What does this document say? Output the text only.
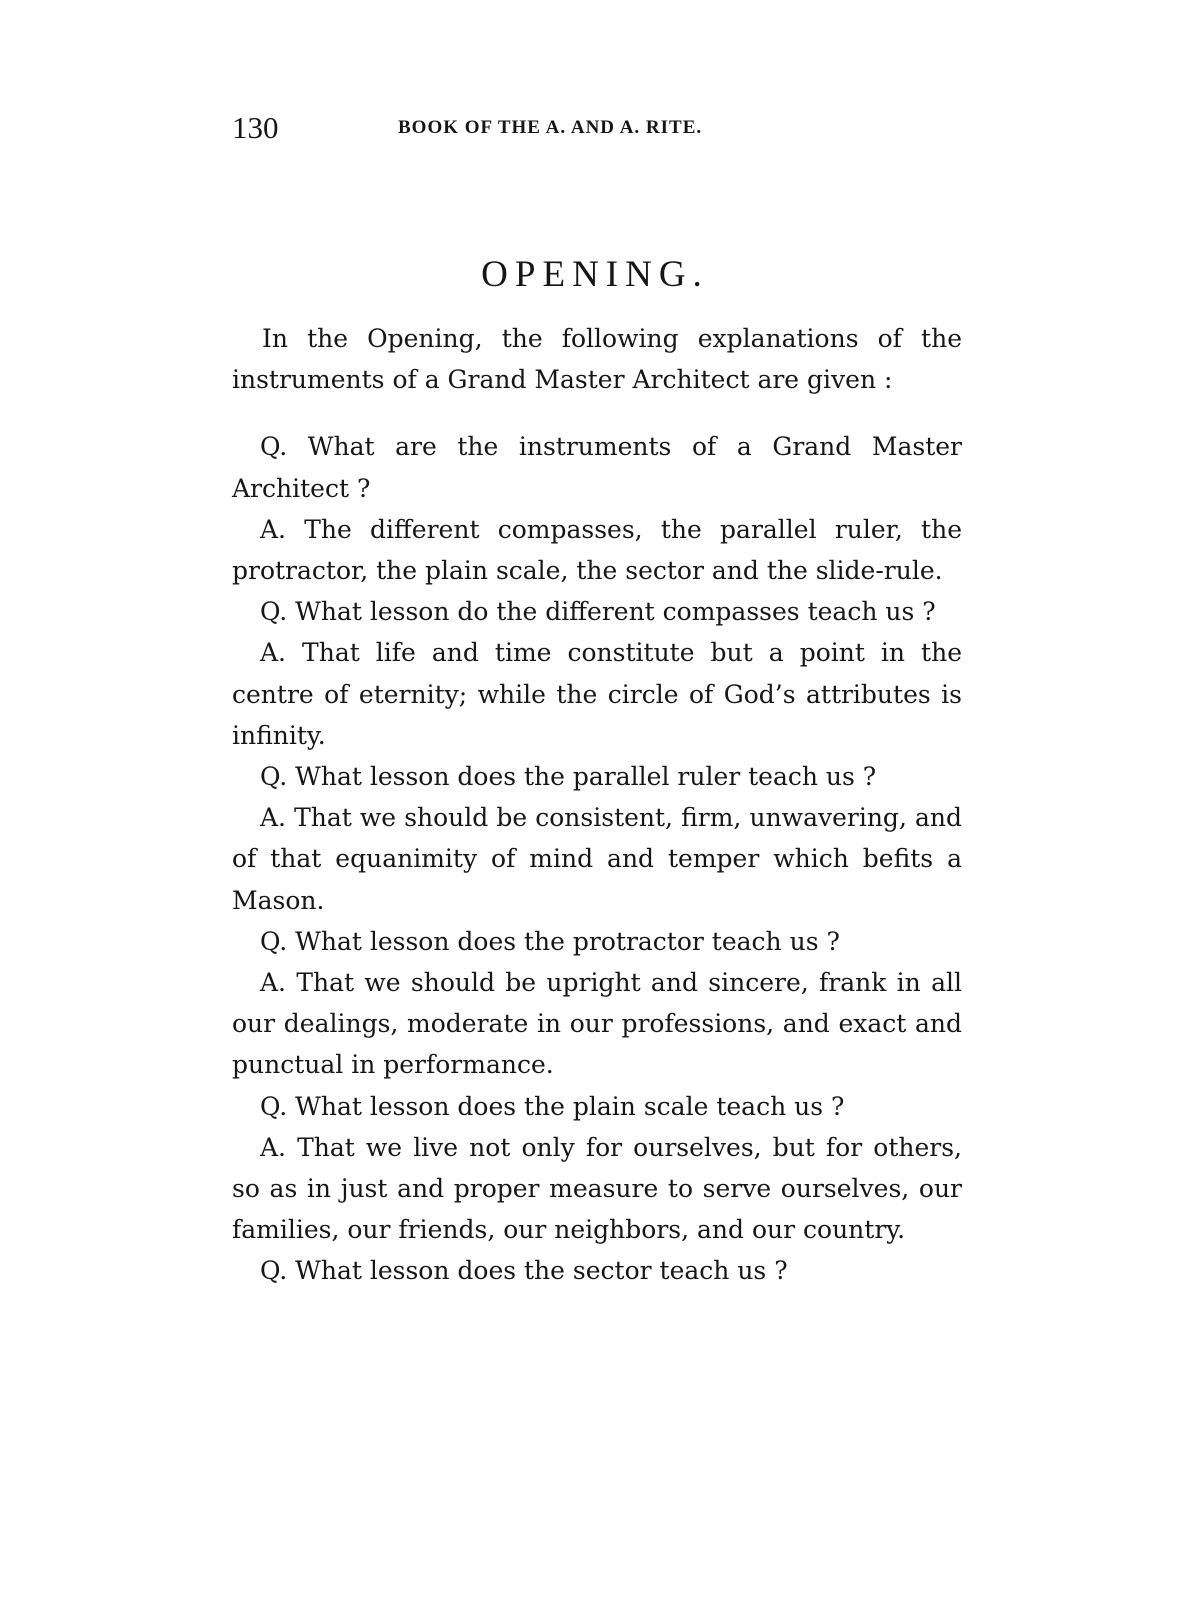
130	BOOK OF THE A. AND A. RITE.
OPENING.

In the Opening, the following explanations of the instruments of a Grand Master Architect are given :

Q. What are the instruments of a Grand Master Architect ?

A. The different compasses, the parallel ruler, the protractor, the plain scale, the sector and the slide-rule.

Q. What lesson do the different compasses teach us ?

A. That life and time constitute but a point in the centre of eternity; while the circle of God’s attributes is infinity.

Q. What lesson does the parallel ruler teach us ?

A. That we should be consistent, firm, unwavering, and of that equanimity of mind and temper which befits a Mason.

Q. What lesson does the protractor teach us ?

A. That we should be upright and sincere, frank in all our dealings, moderate in our professions, and exact and punctual in performance.

Q. What lesson does the plain scale teach us ?

A. That we live not only for ourselves, but for others, so as in just and proper measure to serve ourselves, our families, our friends, our neighbors, and our country.

Q. What lesson does the sector teach us ?
